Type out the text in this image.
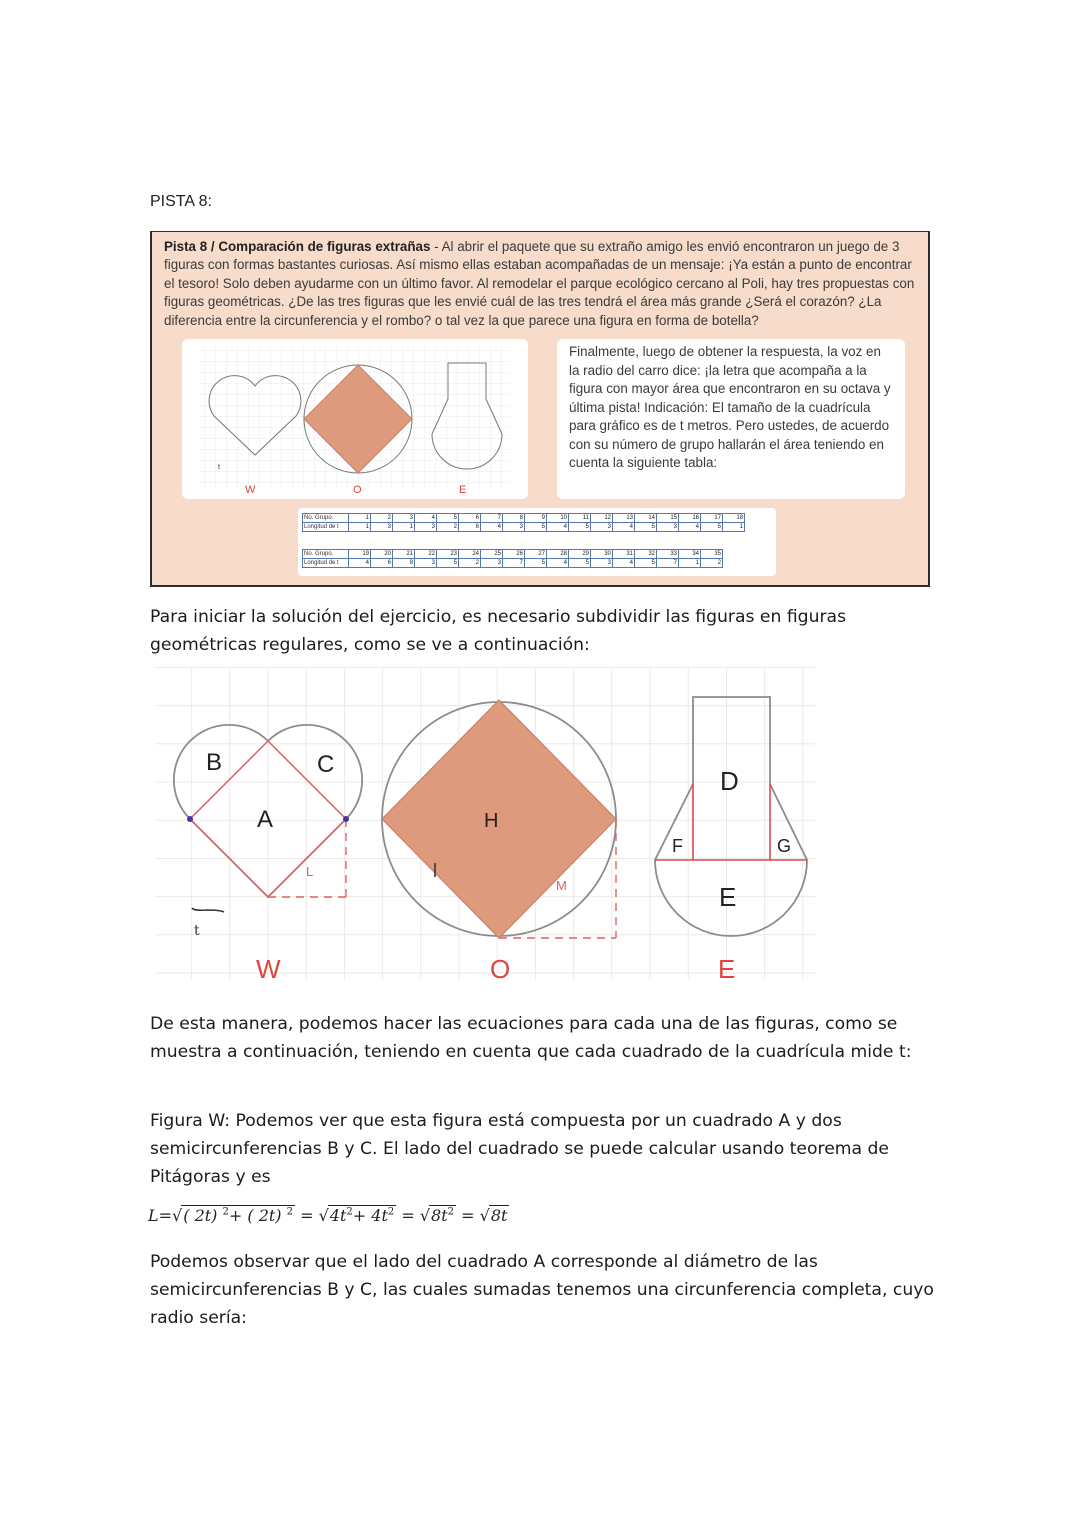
PISTA 8:
Pista 8 / Comparación de figuras extrañas - Al abrir el paquete que su extraño amigo les envió encontraron un juego de 3 figuras con formas bastantes curiosas. Así mismo ellas estaban acompañadas de un mensaje: ¡Ya están a punto de encontrar el tesoro! Solo deben ayudarme con un último favor. Al remodelar el parque ecológico cercano al Poli, hay tres propuestas con figuras geométricas. ¿De las tres figuras que les envié cuál de las tres tendrá el área más grande ¿Será el corazón? ¿La diferencia entre la circunferencia y el rombo? o tal vez la que parece una figura en forma de botella?
t
W	O	E
Finalmente, luego de obtener la respuesta, la voz en la radio del carro dice: ¡la letra que acompaña a la figura con mayor área que encontraron en su octava y última pista! Indicación: El tamaño de la cuadrícula para gráfico es de t metros. Pero ustedes, de acuerdo con su número de grupo hallarán el área teniendo en cuenta la siguiente tabla:
No. Grupo.	1	2	3	4	5	6	7	8	9	10	11	12	13	14	15	16	17	18
Longitud de t	1	3	1	3	2	6	4	3	5	4	5	3	4	5	3	4	5	1
No. Grupo.	19	20	21	22	23	24	25	26	27	28	29	30	31	32	33	34	35
Longitud de t	4	6	8	3	5	2	3	7	5	4	5	3	4	5	7	1	2
Para iniciar la solución del ejercicio, es necesario subdividir las figuras en figuras geométricas regulares, como se ve a continuación:
t
B	C
A
L
H
M
D
F	G
E
W	O	E
De esta manera, podemos hacer las ecuaciones para cada una de las figuras, como se muestra a continuación, teniendo en cuenta que cada cuadrado de la cuadrícula mide t:
Figura W: Podemos ver que esta figura está compuesta por un cuadrado A y dos semicircunferencias B y C. El lado del cuadrado se puede calcular usando teorema de Pitágoras y es
L=√( 2t) $^2$+ ( 2t) $^2 = √4t^2+ 4t^2 = √8t^2 = √8t$
Podemos observar que el lado del cuadrado A corresponde al diámetro de las semicircunferencias B y C, las cuales sumadas tenemos una circunferencia completa, cuyo radio sería:
